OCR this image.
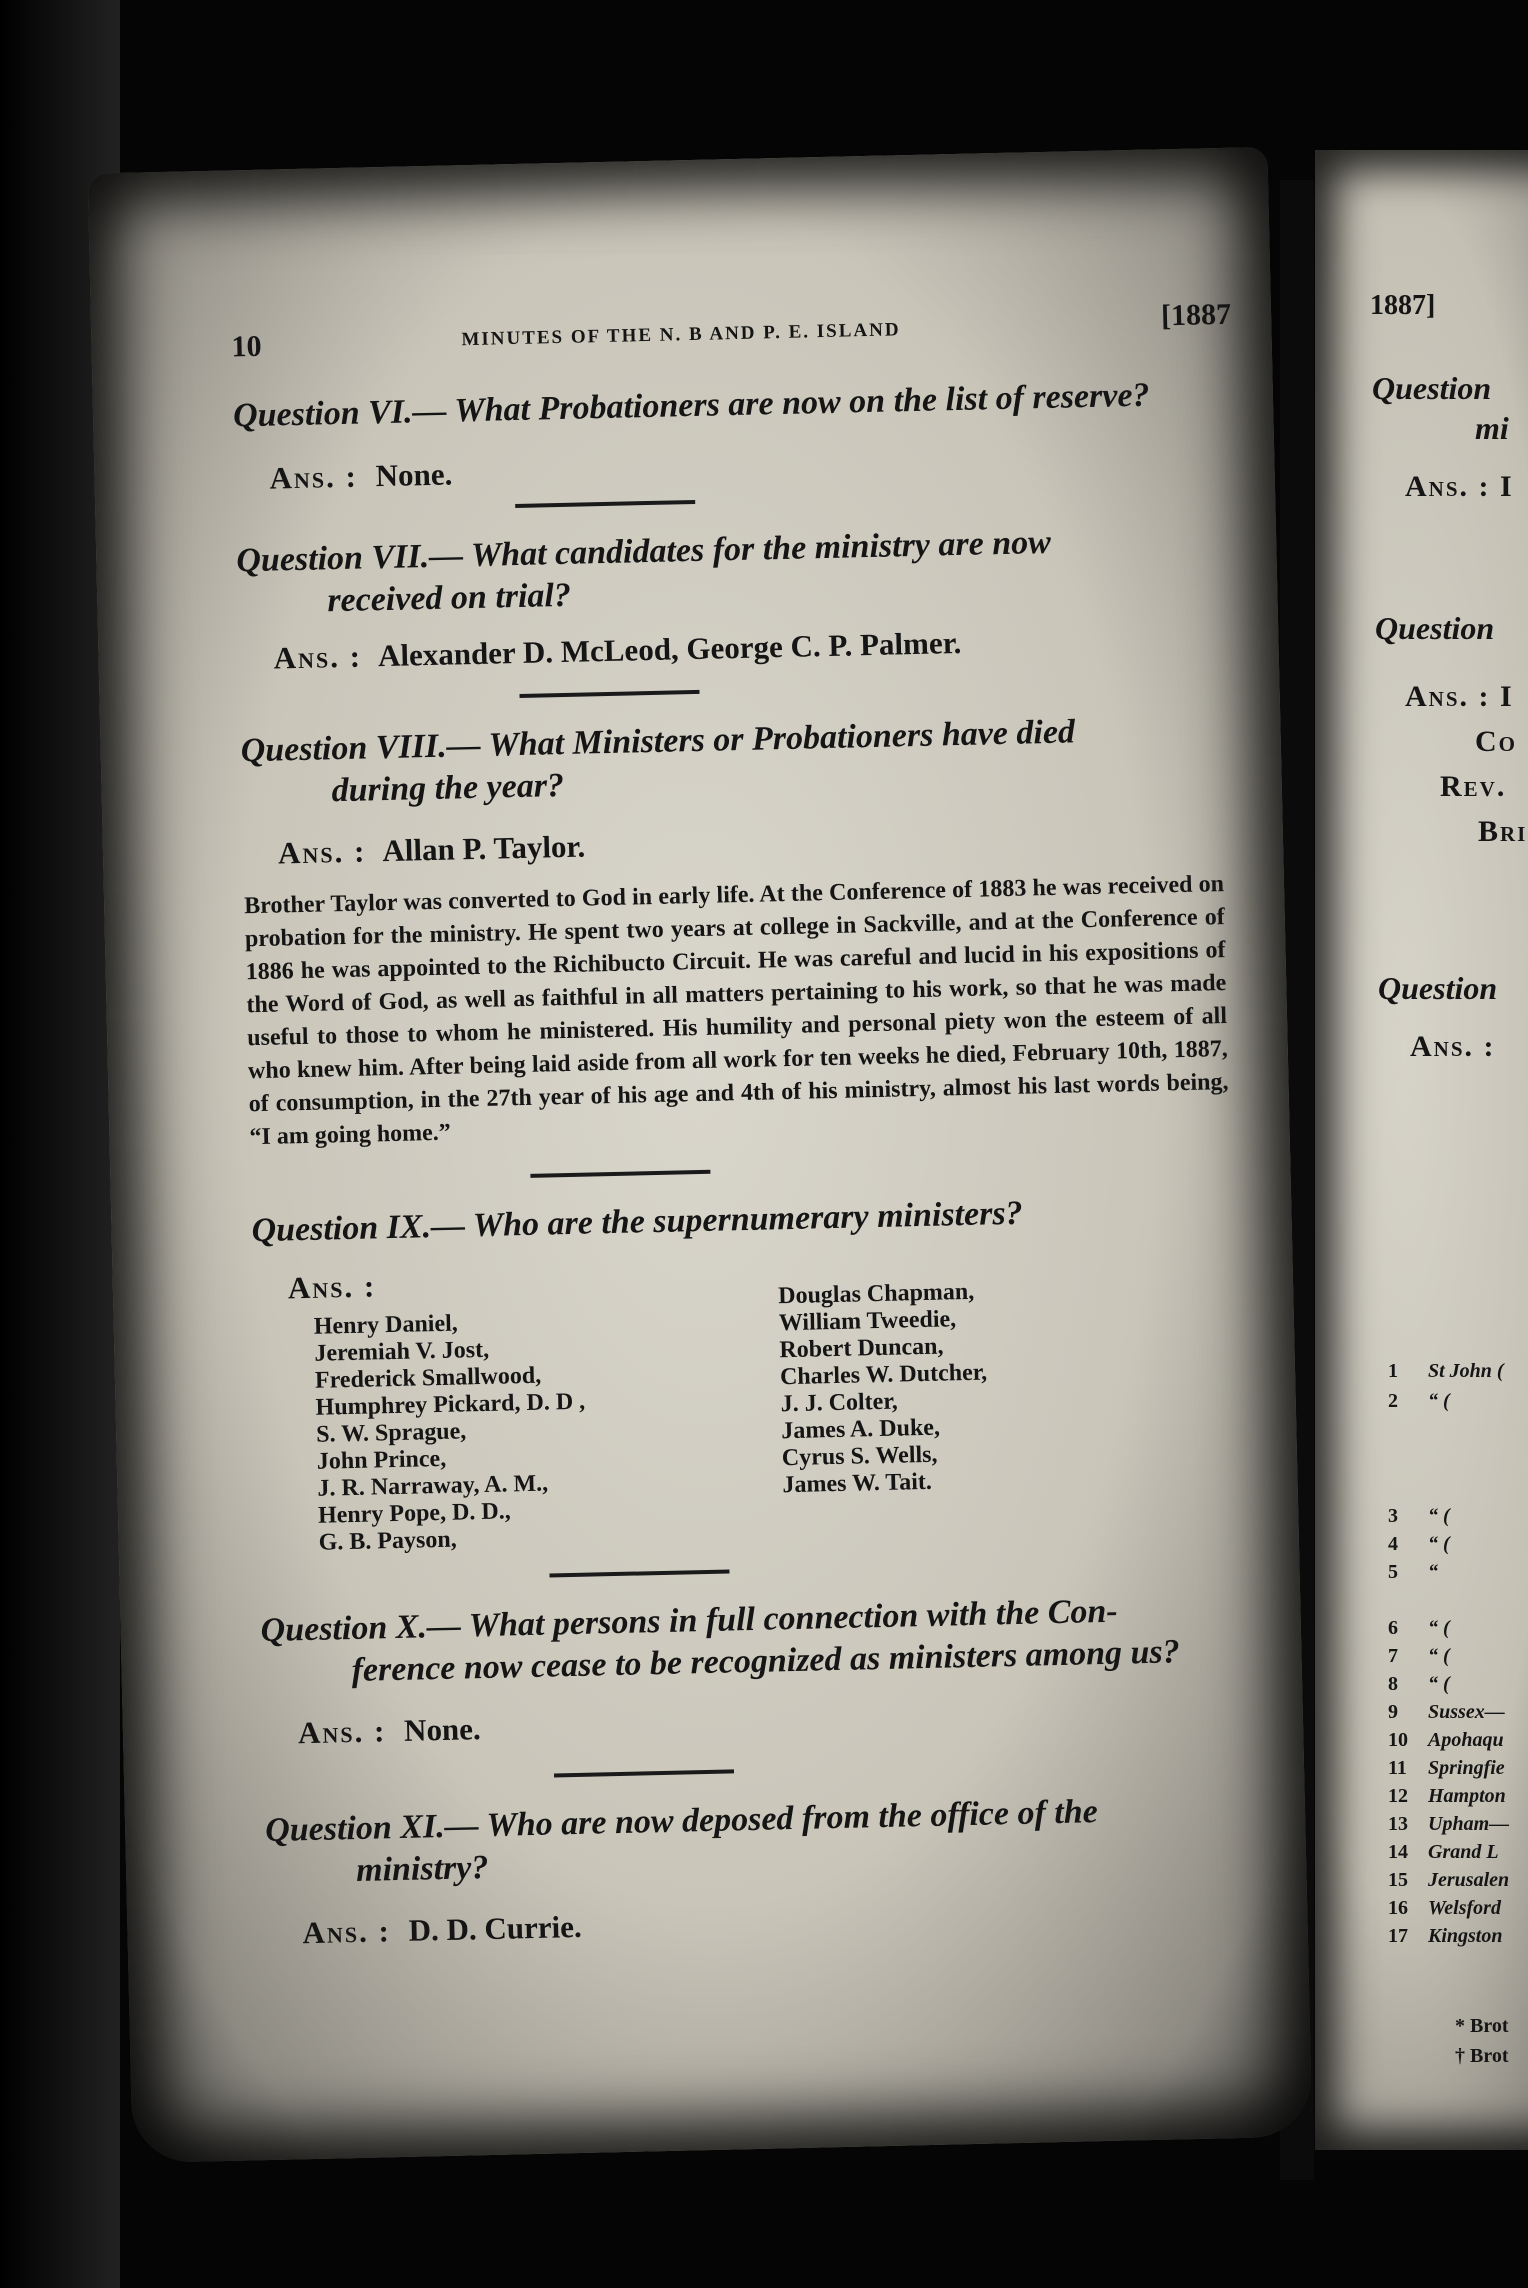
10	MINUTES OF THE N. B AND P. E. ISLAND
[1887
Question VI.— What Probationers are now on the list of reserve?
Ans. : None.
Question VII.— What candidates for the ministry are now
received on trial?
Ans. : Alexander D. McLeod, George C. P. Palmer.
Question VIII.— What Ministers or Probationers have died
during the year?
Ans. : Allan P. Taylor.
Brother Taylor was converted to God in early life. At the Conference of 1883 he was received on probation for the ministry. He spent two years at college in Sackville, and at the Conference of 1886 he was appointed to the Richibucto Circuit. He was careful and lucid in his expositions of the Word of God, as well as faithful in all matters pertaining to his work, so that he was made useful to those to whom he ministered. His humility and personal piety won the esteem of all who knew him. After being laid aside from all work for ten weeks he died, February 10th, 1887, of consumption, in the 27th year of his age and 4th of his ministry, almost his last words being, “I am going home.”
Question IX.— Who are the supernumerary ministers?
Ans. :
Henry Daniel,
Jeremiah V. Jost,
Frederick Smallwood,
Humphrey Pickard, D. D ,
S. W. Sprague,
John Prince,
J. R. Narraway, A. M.,
Henry Pope, D. D.,
G. B. Payson,
Douglas Chapman,
William Tweedie,
Robert Duncan,
Charles W. Dutcher,
J. J. Colter,
James A. Duke,
Cyrus S. Wells,
James W. Tait.
Question X.— What persons in full connection with the Con-
ference now cease to be recognized as ministers among us?
Ans. : None.
Question XI.— Who are now deposed from the office of the
ministry?
Ans. : D. D. Currie.
1887]
Question
mi
Ans. : I
Question
Ans. : I
Co
Rev.
Bri
Question
Ans. :
1 St John (
2 “ (
3 “ (
4 “ (
5 “
6 “ (
7 “ (
8 “ (
9 Sussex—
10 Apohaqu
11 Springfie
12 Hampton
13 Upham—
14 Grand L
15 Jerusalen
16 Welsford
17 Kingston
* Brot
† Brot
